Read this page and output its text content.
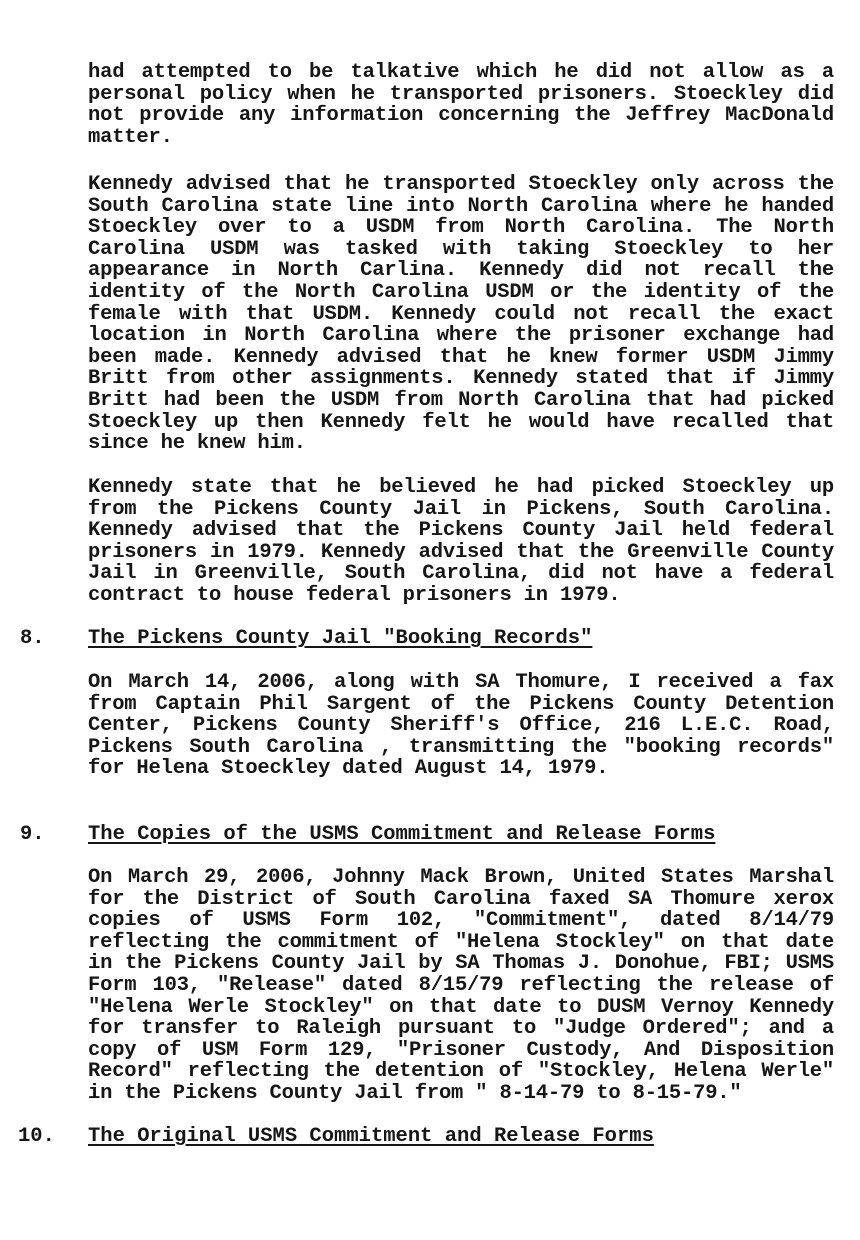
had attempted to be talkative which he did not allow as a personal policy when he transported prisoners. Stoeckley did not provide any information concerning the Jeffrey MacDonald matter.

Kennedy advised that he transported Stoeckley only across the South Carolina state line into North Carolina where he handed Stoeckley over to a USDM from North Carolina. The North Carolina USDM was tasked with taking Stoeckley to her appearance in North Carlina. Kennedy did not recall the identity of the North Carolina USDM or the identity of the female with that USDM. Kennedy could not recall the exact location in North Carolina where the prisoner exchange had been made. Kennedy advised that he knew former USDM Jimmy Britt from other assignments. Kennedy stated that if Jimmy Britt had been the USDM from North Carolina that had picked Stoeckley up then Kennedy felt he would have recalled that since he knew him.

Kennedy state that he believed he had picked Stoeckley up from the Pickens County Jail in Pickens, South Carolina. Kennedy advised that the Pickens County Jail held federal prisoners in 1979. Kennedy advised that the Greenville County Jail in Greenville, South Carolina, did not have a federal contract to house federal prisoners in 1979.

8. The Pickens County Jail "Booking Records"

On March 14, 2006, along with SA Thomure, I received a fax from Captain Phil Sargent of the Pickens County Detention Center, Pickens County Sheriff's Office, 216 L.E.C. Road, Pickens South Carolina , transmitting the "booking records" for Helena Stoeckley dated August 14, 1979.

9. The Copies of the USMS Commitment and Release Forms

On March 29, 2006, Johnny Mack Brown, United States Marshal for the District of South Carolina faxed SA Thomure xerox copies of USMS Form 102, "Commitment", dated 8/14/79 reflecting the commitment of "Helena Stockley" on that date in the Pickens County Jail by SA Thomas J. Donohue, FBI; USMS Form 103, "Release" dated 8/15/79 reflecting the release of "Helena Werle Stockley" on that date to DUSM Vernoy Kennedy for transfer to Raleigh pursuant to "Judge Ordered"; and a copy of USM Form 129, "Prisoner Custody, And Disposition Record" reflecting the detention of "Stockley, Helena Werle" in the Pickens County Jail from " 8-14-79 to 8-15-79."

10. The Original USMS Commitment and Release Forms
